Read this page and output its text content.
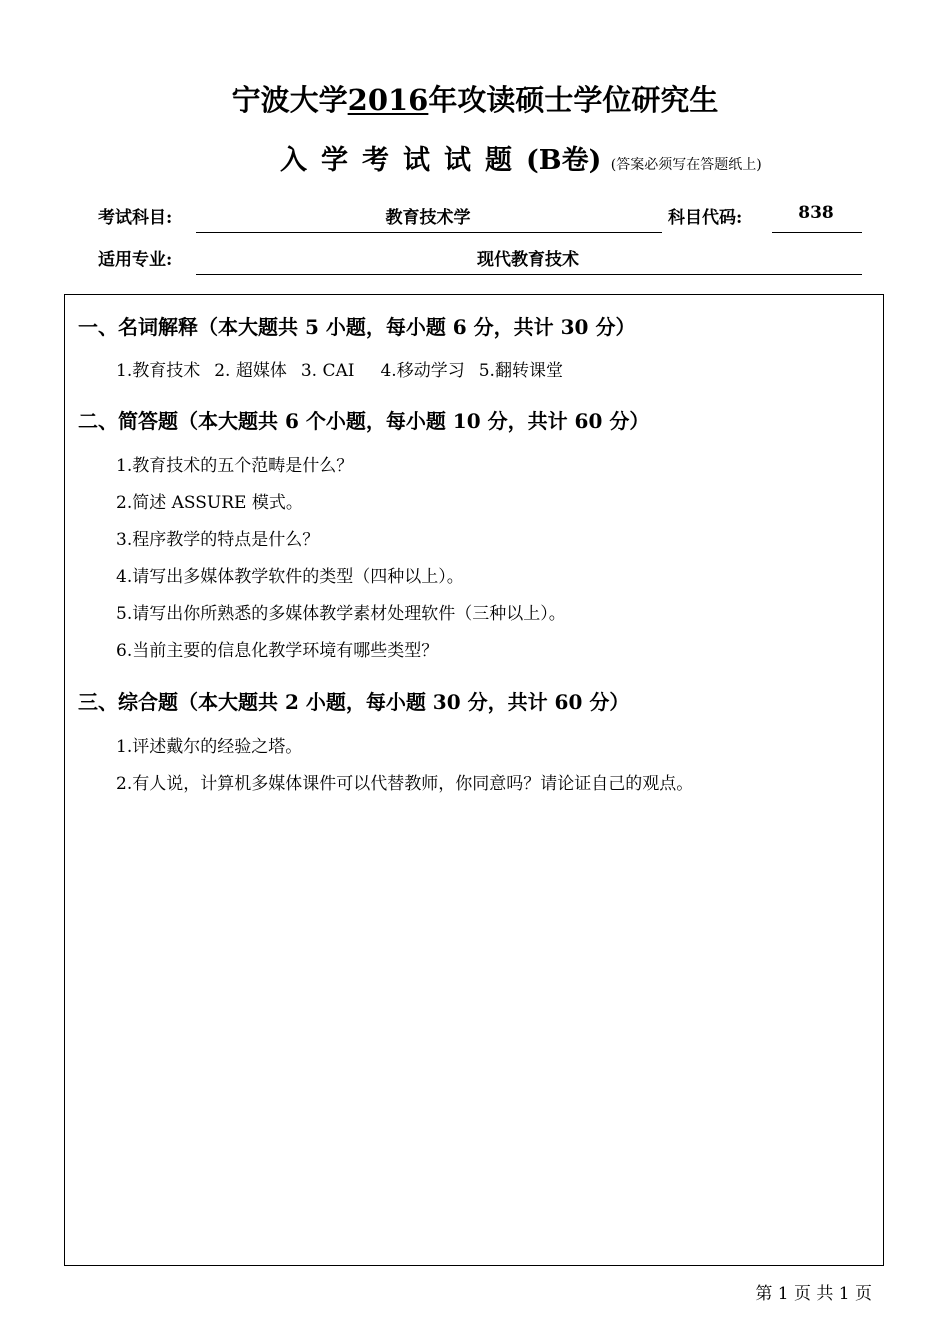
宁波大学2016年攻读硕士学位研究生
入学考试试题(B卷) (答案必须写在答题纸上)
考试科目:	教育技术学	科目代码:	838
适用专业:	现代教育技术
一、名词解释（本大题共 5 小题，每小题 6 分，共计 30 分）
1.教育技术 2. 超媒体 3. CAI 4.移动学习 5.翻转课堂
二、简答题（本大题共 6 个小题，每小题 10 分，共计 60 分）
1.教育技术的五个范畴是什么？
2.简述 ASSURE 模式。
3.程序教学的特点是什么？
4.请写出多媒体教学软件的类型（四种以上）。
5.请写出你所熟悉的多媒体教学素材处理软件（三种以上）。
6.当前主要的信息化教学环境有哪些类型？
三、综合题（本大题共 2 小题，每小题 30 分，共计 60 分）
1.评述戴尔的经验之塔。
2.有人说，计算机多媒体课件可以代替教师，你同意吗？请论证自己的观点。
第 1 页 共 1 页
